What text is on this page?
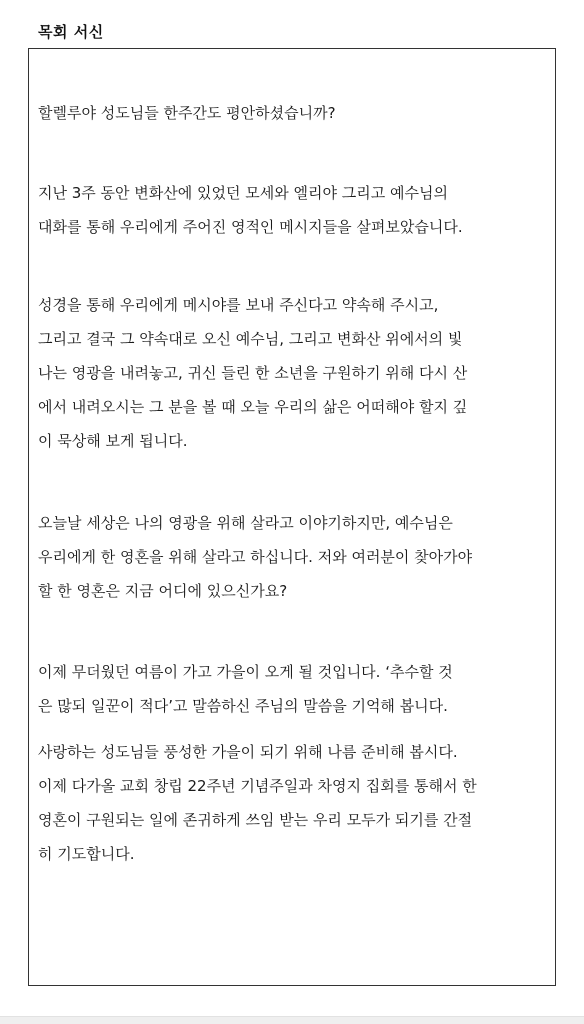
목회 서신

할렐루야 성도님들 한주간도 평안하셨습니까?

지난 3주 동안 변화산에 있었던 모세와 엘리야 그리고 예수님의
대화를 통해 우리에게 주어진 영적인 메시지들을 살펴보았습니다.

성경을 통해 우리에게 메시야를 보내 주신다고 약속해 주시고,
그리고 결국 그 약속대로 오신 예수님, 그리고 변화산 위에서의 빛
나는 영광을 내려놓고, 귀신 들린 한 소년을 구원하기 위해 다시 산
에서 내려오시는 그 분을 볼 때 오늘 우리의 삶은 어떠해야 할지 깊
이 묵상해 보게 됩니다.

오늘날 세상은 나의 영광을 위해 살라고 이야기하지만, 예수님은
우리에게 한 영혼을 위해 살라고 하십니다. 저와 여러분이 찾아가야
할 한 영혼은 지금 어디에 있으신가요?

이제 무더웠던 여름이 가고 가을이 오게 될 것입니다. ‘추수할 것
은 많되 일꾼이 적다’고 말씀하신 주님의 말씀을 기억해 봅니다.

사랑하는 성도님들 풍성한 가을이 되기 위해 나름 준비해 봅시다.
이제 다가올 교회 창립 22주년 기념주일과 차영지 집회를 통해서 한
영혼이 구원되는 일에 존귀하게 쓰임 받는 우리 모두가 되기를 간절
히 기도합니다.
